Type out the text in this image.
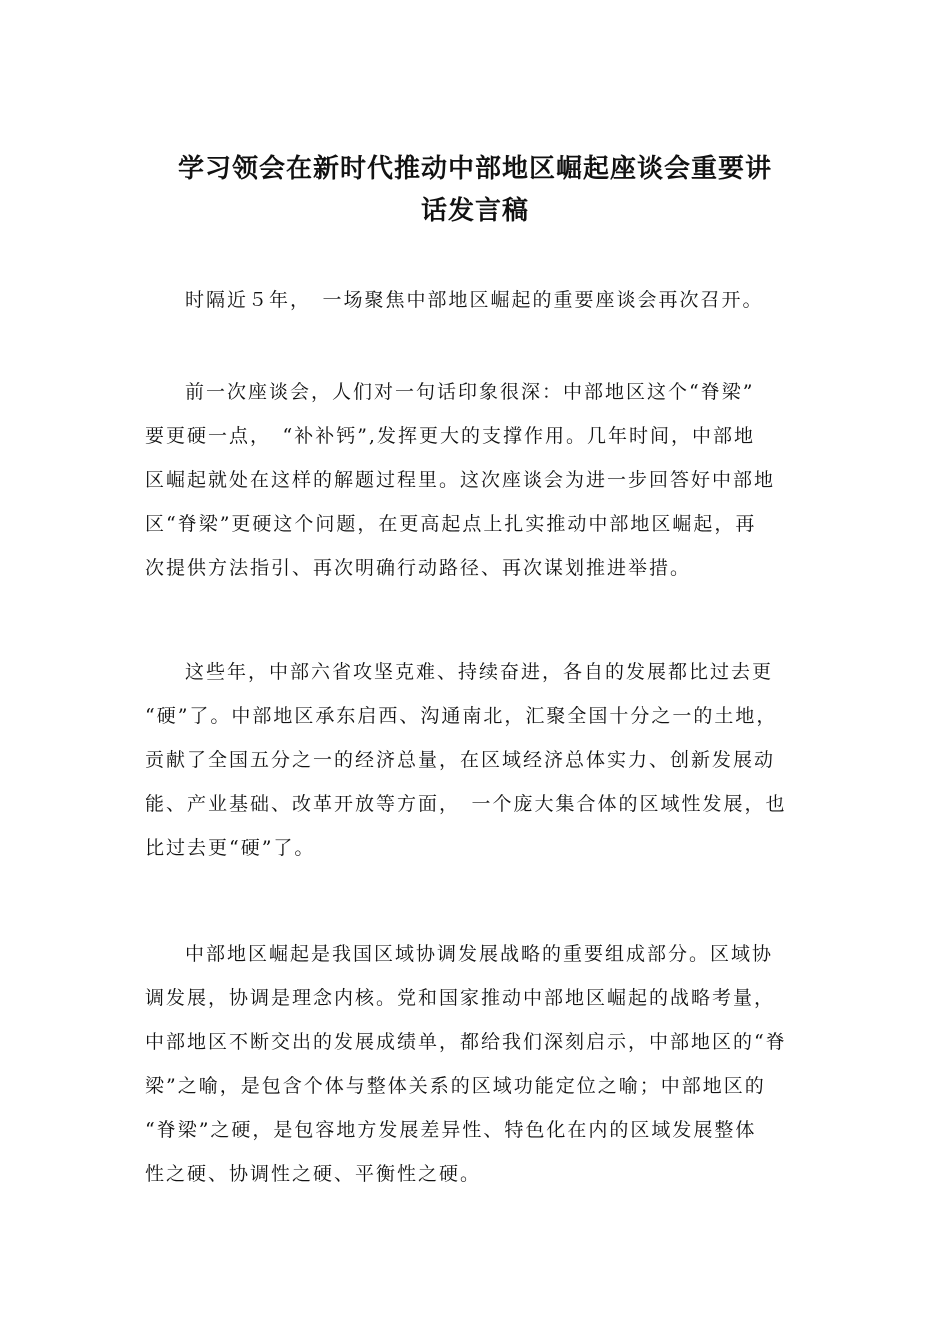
学习领会在新时代推动中部地区崛起座谈会重要讲
话发言稿
时隔近５年，　一场聚焦中部地区崛起的重要座谈会再次召开。
前一次座谈会，人们对一句话印象很深：中部地区这个“脊梁”
要更硬一点，　“补补钙”,发挥更大的支撑作用。几年时间，中部地
区崛起就处在这样的解题过程里。这次座谈会为进一步回答好中部地
区“脊梁”更硬这个问题，在更高起点上扎实推动中部地区崛起，再
次提供方法指引、再次明确行动路径、再次谋划推进举措。
这些年，中部六省攻坚克难、持续奋进，各自的发展都比过去更
“硬”了。中部地区承东启西、沟通南北，汇聚全国十分之一的土地，
贡献了全国五分之一的经济总量，在区域经济总体实力、创新发展动
能、产业基础、改革开放等方面，　一个庞大集合体的区域性发展，也
比过去更“硬”了。
中部地区崛起是我国区域协调发展战略的重要组成部分。区域协
调发展，协调是理念内核。党和国家推动中部地区崛起的战略考量，
中部地区不断交出的发展成绩单，都给我们深刻启示，中部地区的“脊
梁”之喻，是包含个体与整体关系的区域功能定位之喻；中部地区的
“脊梁”之硬，是包容地方发展差异性、特色化在内的区域发展整体
性之硬、协调性之硬、平衡性之硬。
